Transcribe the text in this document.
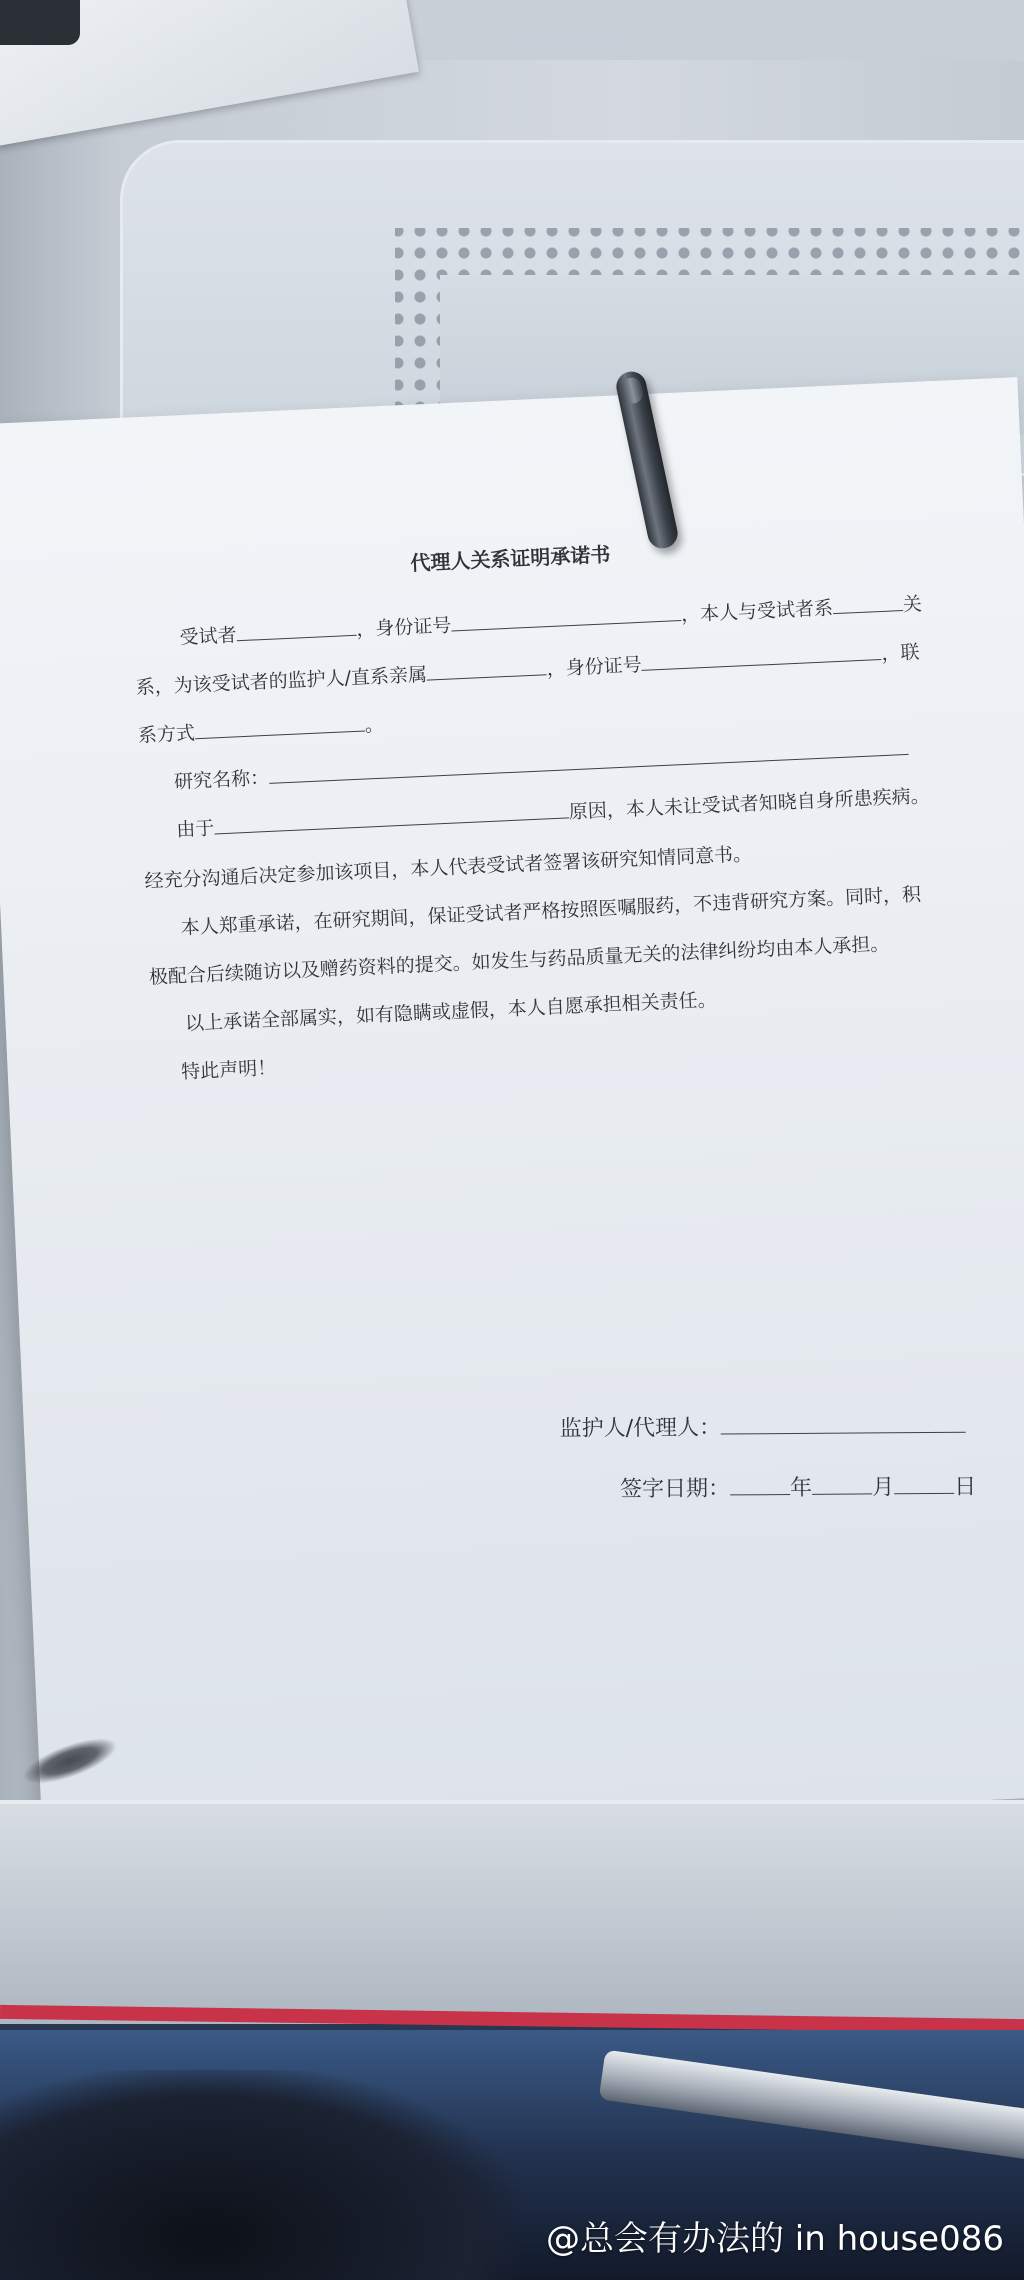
代理人关系证明承诺书
受试者	，身份证号，本人与受试者系	关
系，为该受试者的监护人/直系亲属	，身份证号，联
系方式	。
研究名称：
由于原因，本人未让受试者知晓自身所患疾病。
经充分沟通后决定参加该项目，本人代表受试者签署该研究知情同意书。
本人郑重承诺，在研究期间，保证受试者严格按照医嘱服药，不违背研究方案。同时，积
极配合后续随访以及赠药资料的提交。如发生与药品质量无关的法律纠纷均由本人承担。
以上承诺全部属实，如有隐瞒或虚假，本人自愿承担相关责任。
特此声明！
监护人/代理人：
签字日期：	年	月	日
@总会有办法的 in house086
